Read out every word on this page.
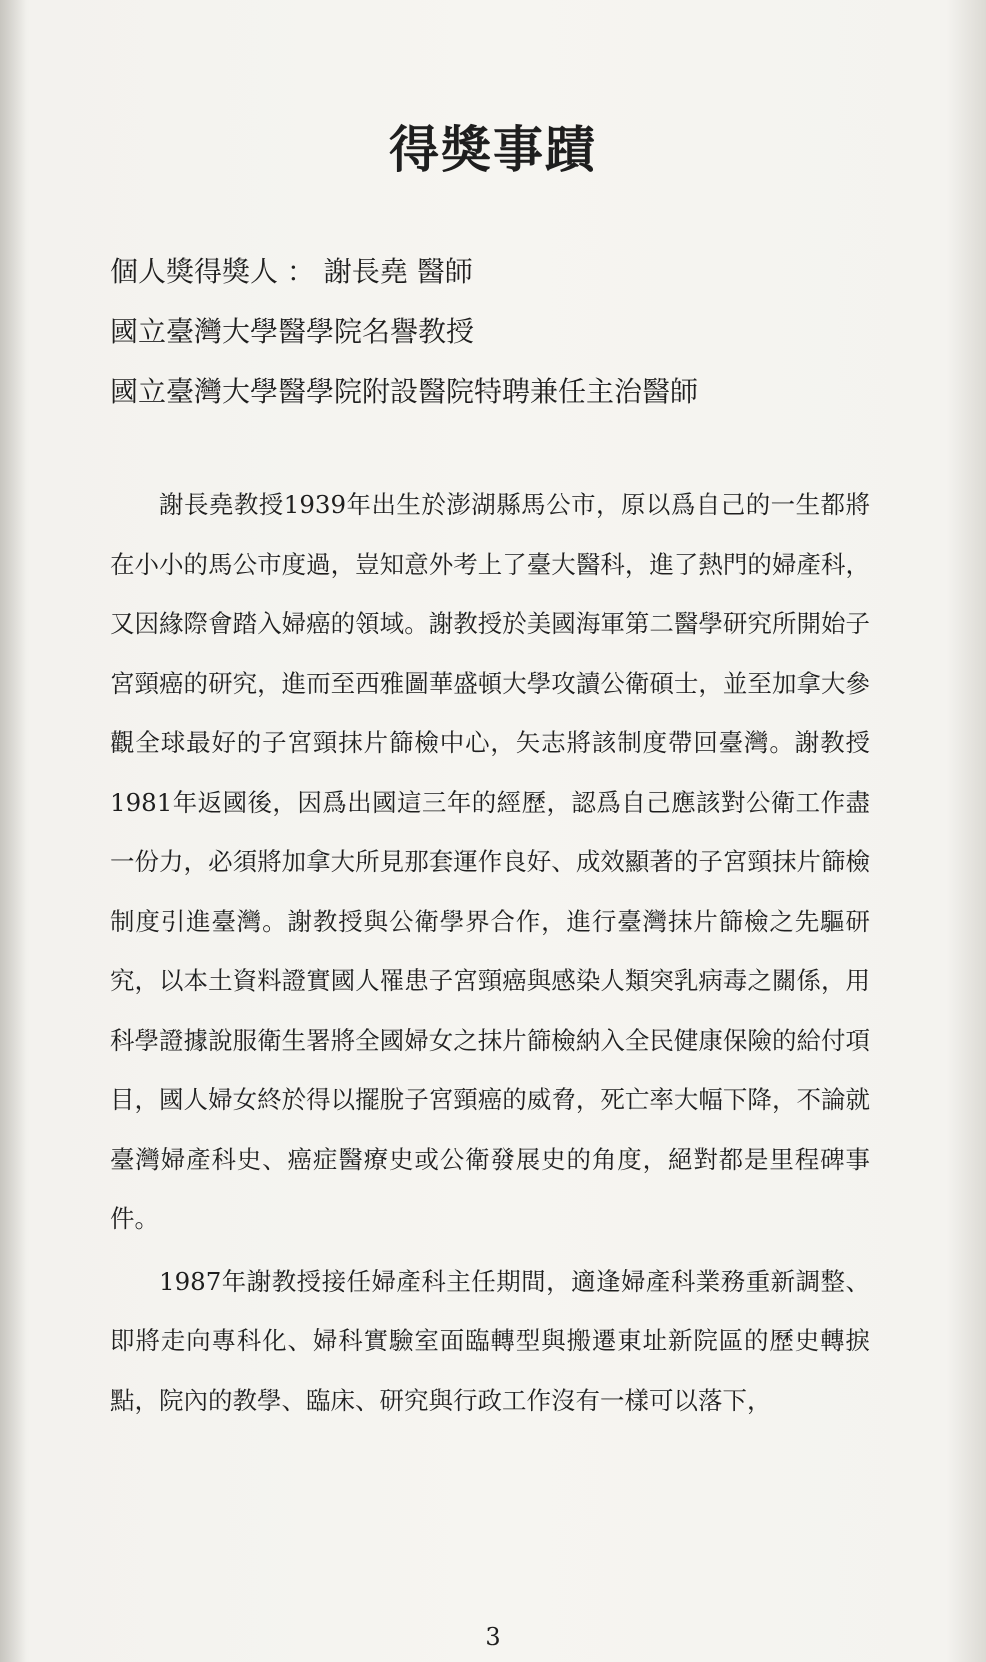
得獎事蹟
個人獎得獎人 ： 謝長堯 醫師
國立臺灣大學醫學院名譽教授
國立臺灣大學醫學院附設醫院特聘兼任主治醫師

謝長堯教授1939年出生於澎湖縣馬公市，原以爲自己的一生都將在小小的馬公市度過，豈知意外考上了臺大醫科，進了熱門的婦產科，又因緣際會踏入婦癌的領域。謝教授於美國海軍第二醫學研究所開始子宮頸癌的研究，進而至西雅圖華盛頓大學攻讀公衛碩士，並至加拿大參觀全球最好的子宮頸抹片篩檢中心，矢志將該制度帶回臺灣。謝教授1981年返國後，因爲出國這三年的經歷，認爲自己應該對公衛工作盡一份力，必須將加拿大所見那套運作良好、成效顯著的子宮頸抹片篩檢制度引進臺灣。謝教授與公衛學界合作，進行臺灣抹片篩檢之先驅研究，以本土資料證實國人罹患子宮頸癌與感染人類突乳病毒之關係，用科學證據說服衛生署將全國婦女之抹片篩檢納入全民健康保險的給付項目，國人婦女終於得以擺脫子宮頸癌的威脅，死亡率大幅下降，不論就臺灣婦產科史、癌症醫療史或公衛發展史的角度，絕對都是里程碑事件。

1987年謝教授接任婦產科主任期間，適逢婦產科業務重新調整、即將走向專科化、婦科實驗室面臨轉型與搬遷東址新院區的歷史轉捩點，院內的教學、臨床、研究與行政工作沒有一樣可以落下，

3
